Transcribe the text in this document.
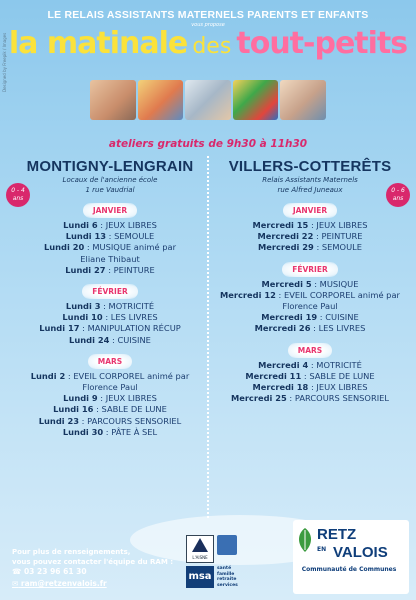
LE RELAIS ASSISTANTS MATERNELS PARENTS ET ENFANTS
vous propose
la matinale des tout-petits
Designed by Freepik / Images
ateliers gratuits de 9h30 à 11h30
MONTIGNY-LENGRAIN
Locaux de l'ancienne école
1 rue Vaudrial
JANVIER
Lundi 6 : JEUX LIBRES
Lundi 13 : SEMOULE
Lundi 20 : MUSIQUE animé par
Eliane Thibaut
Lundi 27 : PEINTURE
FÉVRIER
Lundi 3 : MOTRICITÉ
Lundi 10 : LES LIVRES
Lundi 17 : MANIPULATION RÉCUP
Lundi 24 : CUISINE
MARS
Lundi 2 : EVEIL CORPOREL animé par
Florence Paul
Lundi 9 : JEUX LIBRES
Lundi 16 : SABLE DE LUNE
Lundi 23 : PARCOURS SENSORIEL
Lundi 30 : PÂTE À SEL
0 - 4
ans
VILLERS-COTTERÊTS
Relais Assistants Maternels
rue Alfred Juneaux
JANVIER
Mercredi 15 : JEUX LIBRES
Mercredi 22 : PEINTURE
Mercredi 29 : SEMOULE
FÉVRIER
Mercredi 5 : MUSIQUE
Mercredi 12 : EVEIL CORPOREL animé par
Florence Paul
Mercredi 19 : CUISINE
Mercredi 26 : LES LIVRES
MARS
Mercredi 4 : MOTRICITÉ
Mercredi 11 : SABLE DE LUNE
Mercredi 18 : JEUX LIBRES
Mercredi 25 : PARCOURS SENSORIEL
0 - 6
ans
Pour plus de renseignements,
vous pouvez contacter l'équipe du RAM :
☎ 03 23 96 61 30
✉ ram@retzenvalois.fr
L'AISNE
msa
santé famille retraite services
RETZ
EN VALOIS
Communauté de Communes
